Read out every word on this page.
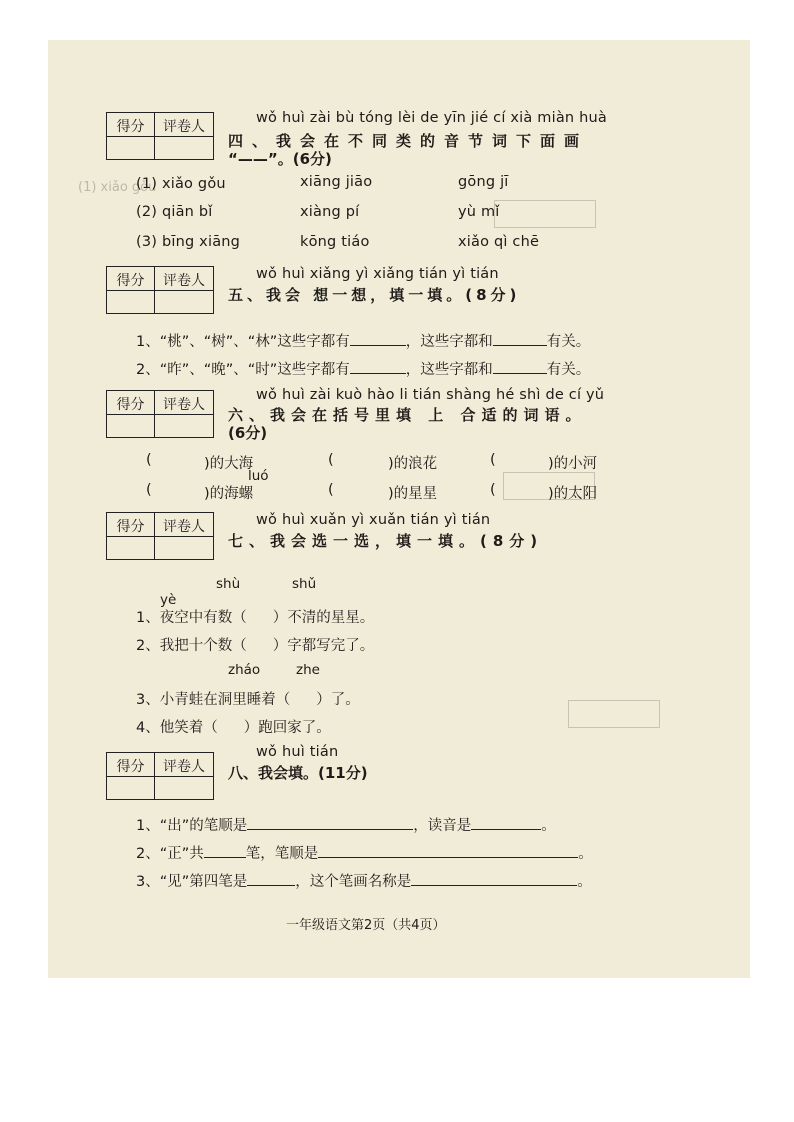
(1) xiǎo gǒu
得分	评卷人
wǒ huì zài bù tóng lèi de yīn jié cí xià miàn huà
四、我会在不同类的音节词下面画
“——”。(6分)
(1) xiǎo gǒu	xiāng jiāo	gōng jī
(2) qiān bǐ	xiàng pí	yù mǐ
(3) bīng xiāng	kōng tiáo	xiǎo qì chē
得分	评卷人	wǒ huì xiǎng yì xiǎng tián yì tián
五、我会 想一想，填一填。(8分)
1、“桃”、“树”、“林”这些字都有	，这些字都和	有关。
2、“昨”、“晚”、“时”这些字都有	，这些字都和	有关。
得分	评卷人
wǒ huì zài kuò hào li tián shàng hé shì de cí yǔ
六、我会在括号里填 上 合适的词语。
(6分)
(	)的大海	(	)的浪花	(	)的小河
luó
(	)的海螺	(	)的星星	(	)的太阳
得分	评卷人	wǒ huì xuǎn yì xuǎn tián yì tián
七、我会选一选，填一填。(8分)
shù	shǔ
yè
1、夜空中有数（ ）不清的星星。
2、我把十个数（ ）字都写完了。
zháo	zhe
3、小青蛙在洞里睡着（ ）了。
4、他笑着（ ）跑回家了。
得分	评卷人
wǒ huì tián
八、我会填。(11分)
1、“出”的笔顺是	，读音是	。
2、“正”共	笔，笔顺是	。
3、“见”第四笔是	，这个笔画名称是	。
一年级语文第2页（共4页）
